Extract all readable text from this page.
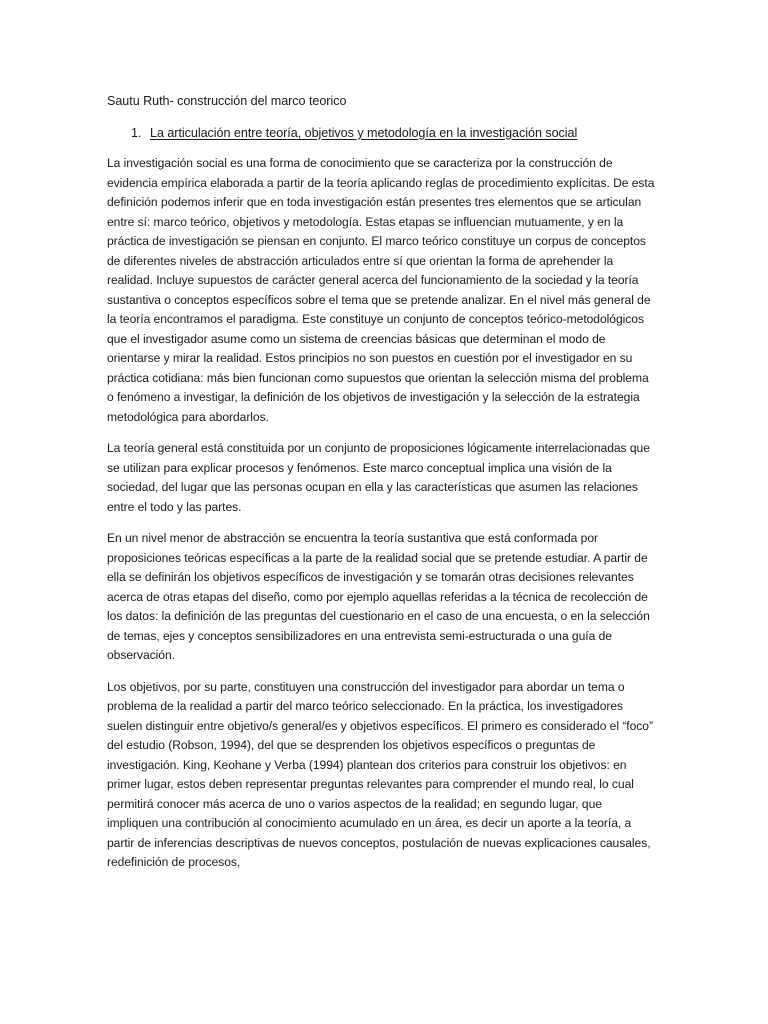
Sautu Ruth- construcción del marco teorico
1. La articulación entre teoría, objetivos y metodología en la investigación social

La investigación social es una forma de conocimiento que se caracteriza por la construcción de evidencia empírica elaborada a partir de la teoría aplicando reglas de procedimiento explícitas. De esta definición podemos inferir que en toda investigación están presentes tres elementos que se articulan entre sí: marco teórico, objetivos y metodología. Estas etapas se influencian mutuamente, y en la práctica de investigación se piensan en conjunto. El marco teórico constituye un corpus de conceptos de diferentes niveles de abstracción articulados entre sí que orientan la forma de aprehender la realidad. Incluye supuestos de carácter general acerca del funcionamiento de la sociedad y la teoría sustantiva o conceptos específicos sobre el tema que se pretende analizar. En el nivel más general de la teoría encontramos el paradigma. Este constituye un conjunto de conceptos teórico-metodológicos que el investigador asume como un sistema de creencias básicas que determinan el modo de orientarse y mirar la realidad. Estos principios no son puestos en cuestión por el investigador en su práctica cotidiana: más bien funcionan como supuestos que orientan la selección misma del problema o fenómeno a investigar, la definición de los objetivos de investigación y la selección de la estrategia metodológica para abordarlos.

La teoría general está constituida por un conjunto de proposiciones lógicamente interrelacionadas que se utilizan para explicar procesos y fenómenos. Este marco conceptual implica una visión de la sociedad, del lugar que las personas ocupan en ella y las características que asumen las relaciones entre el todo y las partes.

En un nivel menor de abstracción se encuentra la teoría sustantiva que está conformada por proposiciones teóricas específicas a la parte de la realidad social que se pretende estudiar. A partir de ella se definirán los objetivos específicos de investigación y se tomarán otras decisiones relevantes acerca de otras etapas del diseño, como por ejemplo aquellas referidas a la técnica de recolección de los datos: la definición de las preguntas del cuestionario en el caso de una encuesta, o en la selección de temas, ejes y conceptos sensibilizadores en una entrevista semi-estructurada o una guía de observación.

Los objetivos, por su parte, constituyen una construcción del investigador para abordar un tema o problema de la realidad a partir del marco teórico seleccionado. En la práctica, los investigadores suelen distinguir entre objetivo/s general/es y objetivos específicos. El primero es considerado el “foco” del estudio (Robson, 1994), del que se desprenden los objetivos específicos o preguntas de investigación. King, Keohane y Verba (1994) plantean dos criterios para construir los objetivos: en primer lugar, estos deben representar preguntas relevantes para comprender el mundo real, lo cual permitirá conocer más acerca de uno o varios aspectos de la realidad; en segundo lugar, que impliquen una contribución al conocimiento acumulado en un área, es decir un aporte a la teoría, a partir de inferencias descriptivas de nuevos conceptos, postulación de nuevas explicaciones causales, redefinición de procesos,
